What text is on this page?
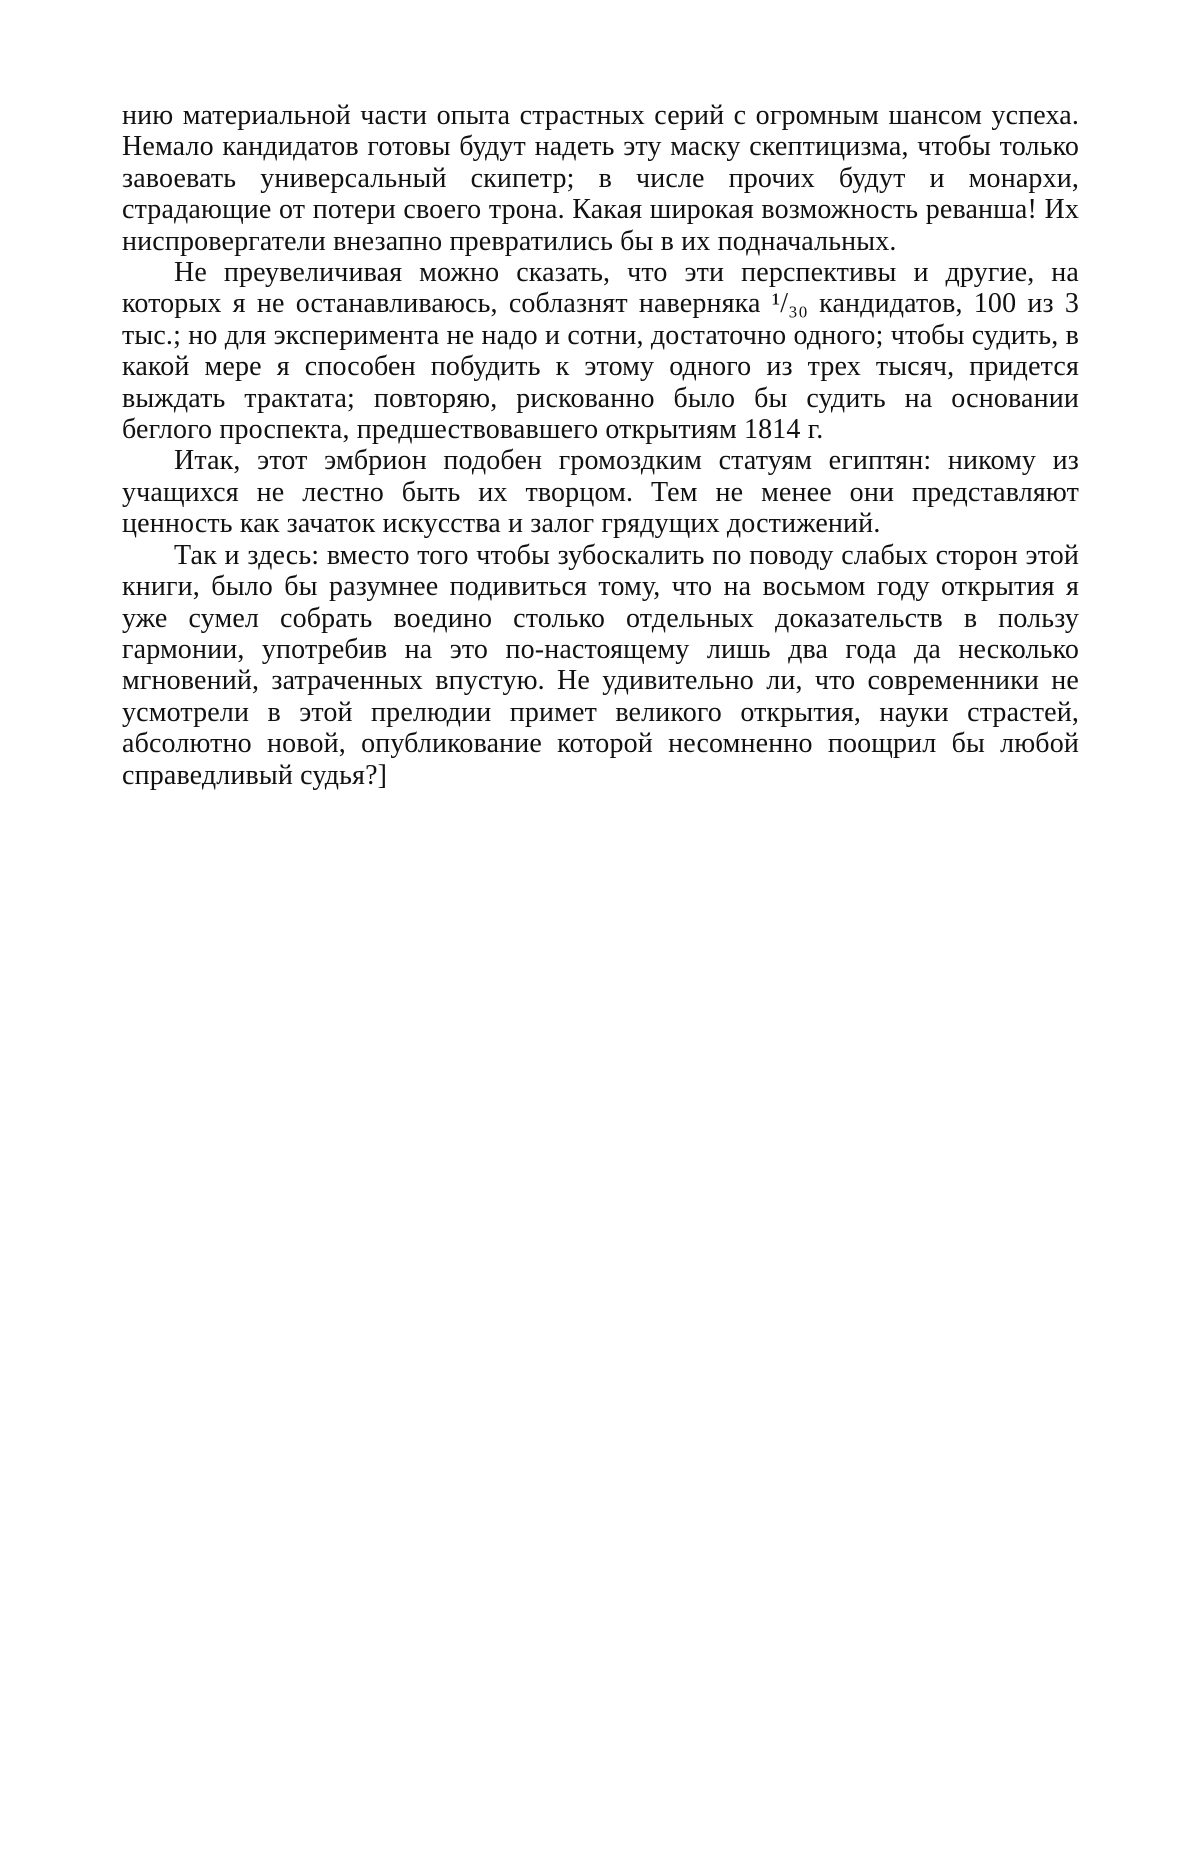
нию материальной части опыта страстных серий с огромным шансом успеха. Немало кандидатов готовы будут надеть эту маску скептицизма, чтобы только завоевать универсальный скипетр; в числе прочих будут и монархи, страдающие от потери своего трона. Какая широкая возможность реванша! Их ниспровергатели внезапно превратились бы в их подначальных.

Не преувеличивая можно сказать, что эти перспективы и другие, на которых я не останавливаюсь, соблазнят наверняка ¹/₃₀ кандидатов, 100 из 3 тыс.; но для эксперимента не надо и сотни, достаточно одного; чтобы судить, в какой мере я способен побудить к этому одного из трех тысяч, придется выждать трактата; повторяю, рискованно было бы судить на основании беглого проспекта, предшествовавшего открытиям 1814 г.

Итак, этот эмбрион подобен громоздким статуям египтян: никому из учащихся не лестно быть их творцом. Тем не менее они представляют ценность как зачаток искусства и залог грядущих достижений.

Так и здесь: вместо того чтобы зубоскалить по поводу слабых сторон этой книги, было бы разумнее подивиться тому, что на восьмом году открытия я уже сумел собрать воедино столько отдельных доказательств в пользу гармонии, употребив на это по-настоящему лишь два года да несколько мгновений, затраченных впустую. Не удивительно ли, что современники не усмотрели в этой прелюдии примет великого открытия, науки страстей, абсолютно новой, опубликование которой несомненно поощрил бы любой справедливый судья?]
